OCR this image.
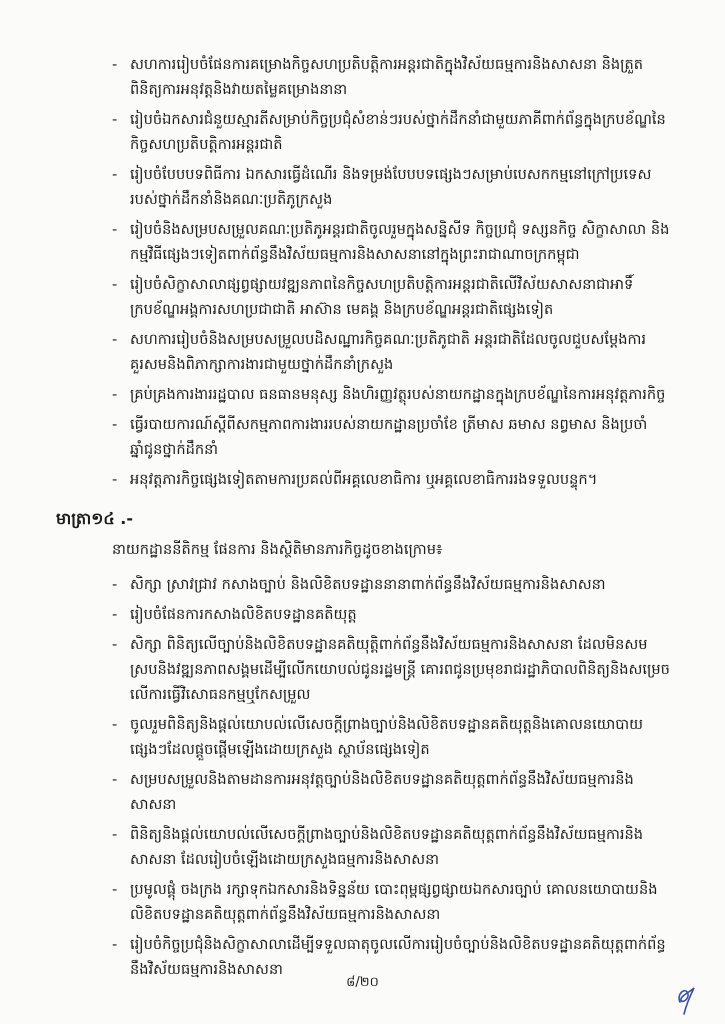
- សហការរៀបចំផែនការគម្រោងកិច្ចសហប្រតិបត្តិការអន្តរជាតិក្នុងវិស័យធម្មការនិងសាសនា និងត្រួតពិនិត្យការអនុវត្តនិងវាយតម្លៃគម្រោងនានា
- រៀបចំឯកសារជំនួយស្មារតីសម្រាប់កិច្ចប្រជុំសំខាន់ៗរបស់ថ្នាក់ដឹកនាំជាមួយភាគីពាក់ព័ន្ធក្នុងក្របខ័ណ្ឌនៃកិច្ចសហប្រតិបត្តិការអន្តរជាតិ
- រៀបចំបែបបទពិធីការ ឯកសារធ្វើដំណើរ និងទម្រង់បែបបទផ្សេងៗសម្រាប់បេសកកម្មនៅក្រៅប្រទេសរបស់ថ្នាក់ដឹកនាំនិងគណៈប្រតិភូក្រសួង
- រៀបចំនិងសម្របសម្រួលគណៈប្រតិភូអន្តរជាតិចូលរួមក្នុងសន្និសីទ កិច្ចប្រជុំ ទស្សនកិច្ច សិក្ខាសាលា និងកម្មវិធីផ្សេងៗទៀតពាក់ព័ន្ធនឹងវិស័យធម្មការនិងសាសនានៅក្នុងព្រះរាជាណាចក្រកម្ពុជា
- រៀបចំសិក្ខាសាលាផ្សព្វផ្សាយវឌ្ឍនភាពនៃកិច្ចសហប្រតិបត្តិការអន្តរជាតិលើវិស័យសាសនាជាអាទិ៍ក្របខ័ណ្ឌអង្គការសហប្រជាជាតិ អាស៊ាន មេគង្គ និងក្របខ័ណ្ឌអន្តរជាតិផ្សេងទៀត
- សហការរៀបចំនិងសម្របសម្រួលបដិសណ្ឋារកិច្ចគណៈប្រតិភូជាតិ អន្តរជាតិដែលចូលជួបសម្តែងការគួរសមនិងពិភាក្សាការងារជាមួយថ្នាក់ដឹកនាំក្រសួង
- គ្រប់គ្រងការងាររដ្ឋបាល ធនធានមនុស្ស និងហិរញ្ញវត្ថុរបស់នាយកដ្ឋានក្នុងក្របខ័ណ្ឌនៃការអនុវត្តភារកិច្ច
- ធ្វើរបាយការណ៍ស្ដីពីសកម្មភាពការងាររបស់នាយកដ្ឋានប្រចាំខែ ត្រីមាស ឆមាស នព្វមាស និងប្រចាំឆ្នាំជូនថ្នាក់ដឹកនាំ
- អនុវត្តភារកិច្ចផ្សេងទៀតតាមការប្រគល់ពីអគ្គលេខាធិការ ឬអគ្គលេខាធិការរងទទួលបន្ទុក។
មាត្រា១៤ .-
នាយកដ្ឋាននីតិកម្ម ផែនការ និងស្ថិតិមានភារកិច្ចដូចខាងក្រោម៖
- សិក្សា ស្រាវជ្រាវ កសាងច្បាប់ និងលិខិតបទដ្ឋាននានាពាក់ព័ន្ធនឹងវិស័យធម្មការនិងសាសនា
- រៀបចំផែនការកសាងលិខិតបទដ្ឋានគតិយុត្ត
- សិក្សា ពិនិត្យលើច្បាប់និងលិខិតបទដ្ឋានគតិយុត្តិពាក់ព័ន្ធនឹងវិស័យធម្មការនិងសាសនា ដែលមិនសមស្របនិងវឌ្ឍនភាពសង្គមដើម្បីលើកយោបល់ជូនរដ្ឋមន្ត្រី គោរពជូនប្រមុខរាជរដ្ឋាភិបាលពិនិត្យនិងសម្រេចលើការធ្វើវិសោធនកម្មឬកែសម្រួល
- ចូលរួមពិនិត្យនិងផ្ដល់យោបល់លើសេចក្ដីព្រាងច្បាប់និងលិខិតបទដ្ឋានគតិយុត្តនិងគោលនយោបាយផ្សេងៗដែលផ្ដួចផ្ដើមឡើងដោយក្រសួង ស្ថាប័នផ្សេងទៀត
- សម្របសម្រួលនិងតាមដានការអនុវត្តច្បាប់និងលិខិតបទដ្ឋានគតិយុត្តពាក់ព័ន្ធនឹងវិស័យធម្មការនិងសាសនា
- ពិនិត្យនិងផ្ដល់យោបល់លើសេចក្ដីព្រាងច្បាប់និងលិខិតបទដ្ឋានគតិយុត្តពាក់ព័ន្ធនឹងវិស័យធម្មការនិងសាសនា ដែលរៀបចំឡើងដោយក្រសួងធម្មការនិងសាសនា
- ប្រមូលផ្ដុំ ចងក្រង រក្សាទុកឯកសារនិងទិន្នន័យ បោះពុម្ពផ្សព្វផ្សាយឯកសារច្បាប់ គោលនយោបាយនិងលិខិតបទដ្ឋានគតិយុត្តពាក់ព័ន្ធនឹងវិស័យធម្មការនិងសាសនា
- រៀបចំកិច្ចប្រជុំនិងសិក្ខាសាលាដើម្បីទទួលធាតុចូលលើការរៀបចំច្បាប់និងលិខិតបទដ្ឋានគតិយុត្តពាក់ព័ន្ធនឹងវិស័យធម្មការនិងសាសនា
៨/២០
